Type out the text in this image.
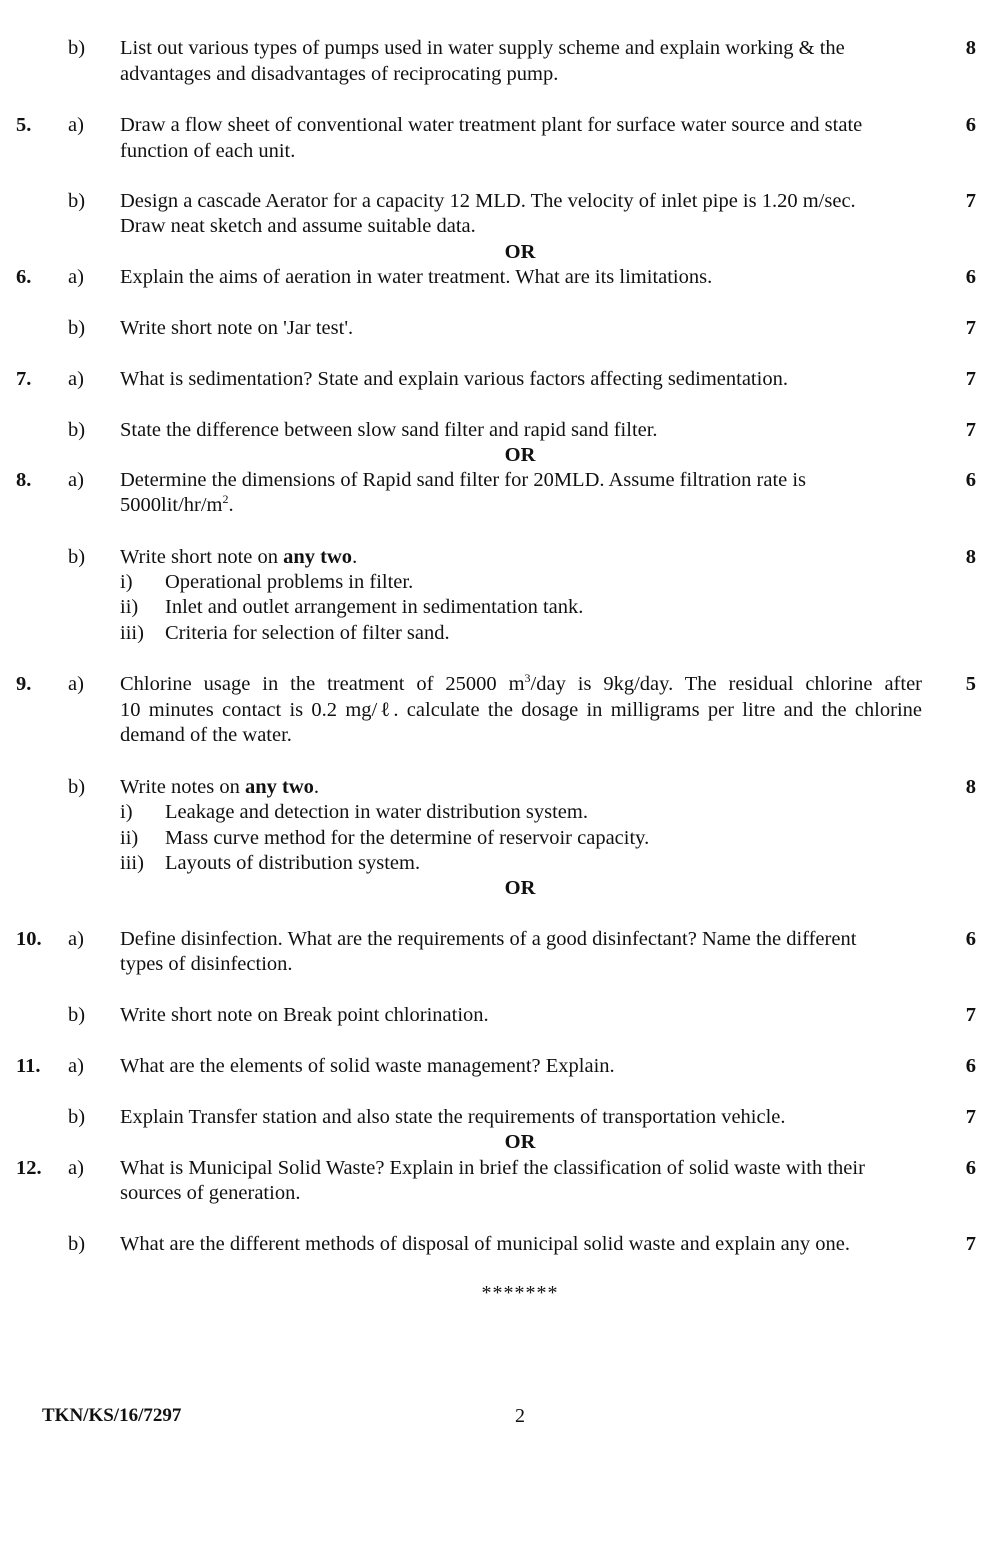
b) List out various types of pumps used in water supply scheme and explain working & the
advantages and disadvantages of reciprocating pump.
8
5. a) Draw a flow sheet of conventional water treatment plant for surface water source and state
function of each unit.
6
b) Design a cascade Aerator for a capacity 12 MLD. The velocity of inlet pipe is 1.20 m/sec.
Draw neat sketch and assume suitable data.
7
OR
6. a) Explain the aims of aeration in water treatment. What are its limitations.	6
b) Write short note on 'Jar test'.	7
7. a) What is sedimentation? State and explain various factors affecting sedimentation.	7
b) State the difference between slow sand filter and rapid sand filter.	7
OR
8. a) Determine the dimensions of Rapid sand filter for 20MLD. Assume filtration rate is
$5000lit/hr/m^2$.
6
b) Write short note on any two.	8
i) Operational problems in filter.
ii) Inlet and outlet arrangement in sedimentation tank.
iii) Criteria for selection of filter sand.
9. a) Chlorine usage in the treatment of 25000 $m^3$/day is 9kg/day. The residual chlorine after
10 minutes contact is 0.2 mg/ℓ. calculate the dosage in milligrams per litre and the chlorine
demand of the water.
5
b) Write notes on any two.	8
i) Leakage and detection in water distribution system.
ii) Mass curve method for the determine of reservoir capacity.
iii) Layouts of distribution system.
OR
10. a) Define disinfection. What are the requirements of a good disinfectant? Name the different
types of disinfection.
6
b) Write short note on Break point chlorination.	7
11. a) What are the elements of solid waste management? Explain.	6
b) Explain Transfer station and also state the requirements of transportation vehicle.	7
OR
12. a) What is Municipal Solid Waste? Explain in brief the classification of solid waste with their
sources of generation.
6
b) What are the different methods of disposal of municipal solid waste and explain any one.	7
*******
TKN/KS/16/7297	2
